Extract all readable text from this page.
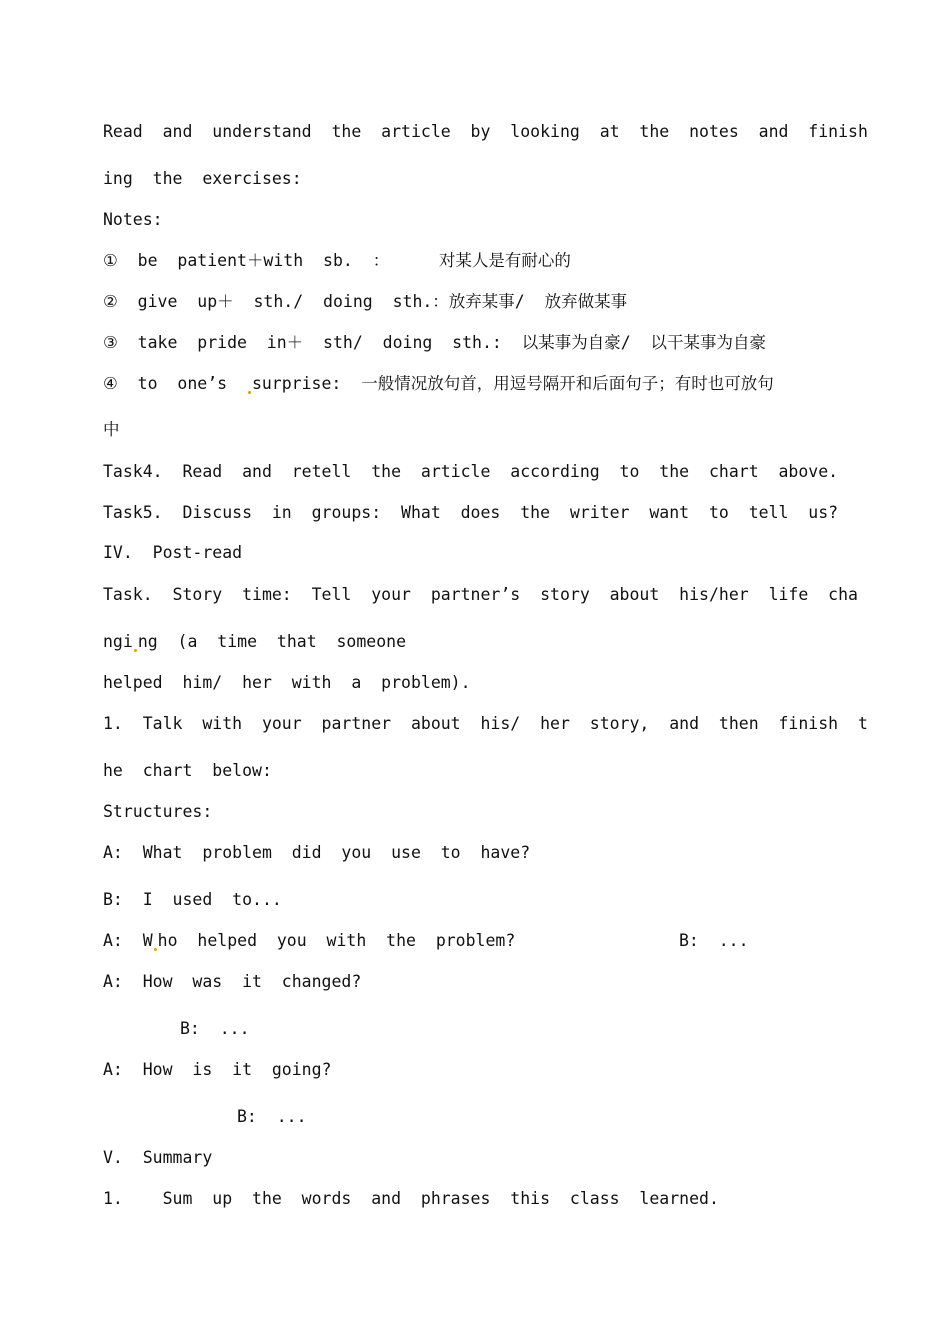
Read  and  understand  the  article  by  looking  at  the  notes  and  finish
ing  the  exercises:
Notes:
①  be  patient＋with  sb.  ：     对某人是有耐心的
②  give  up＋  sth./  doing  sth.：放弃某事/  放弃做某事
③  take  pride  in＋  sth/  doing  sth.:  以某事为自豪/  以干某事为自豪
④  to  one’s  surprise:  一般情况放句首，用逗号隔开和后面句子；有时也可放句
中
Task4.  Read  and  retell  the  article  according  to  the  chart  above.
Task5.  Discuss  in  groups:  What  does  the  writer  want  to  tell  us?
IV.  Post-read
Task.  Story  time:  Tell  your  partner’s  story  about  his/her  life  cha
ngi ng  (a  time  that  someone
helped  him/  her  with  a  problem).
1.  Talk  with  your  partner  about  his/  her  story,  and  then  finish  t
he  chart  below:
Structures:
A:  What  problem  did  you  use  to  have?
B:  I  used  to...
A:  W ho  helped  you  with  the  problem?	B:  ...
A:  How  was  it  changed?
B:  ...
A:  How  is  it  going?
B:  ...
V.  Summary
1.    Sum  up  the  words  and  phrases  this  class  learned.
